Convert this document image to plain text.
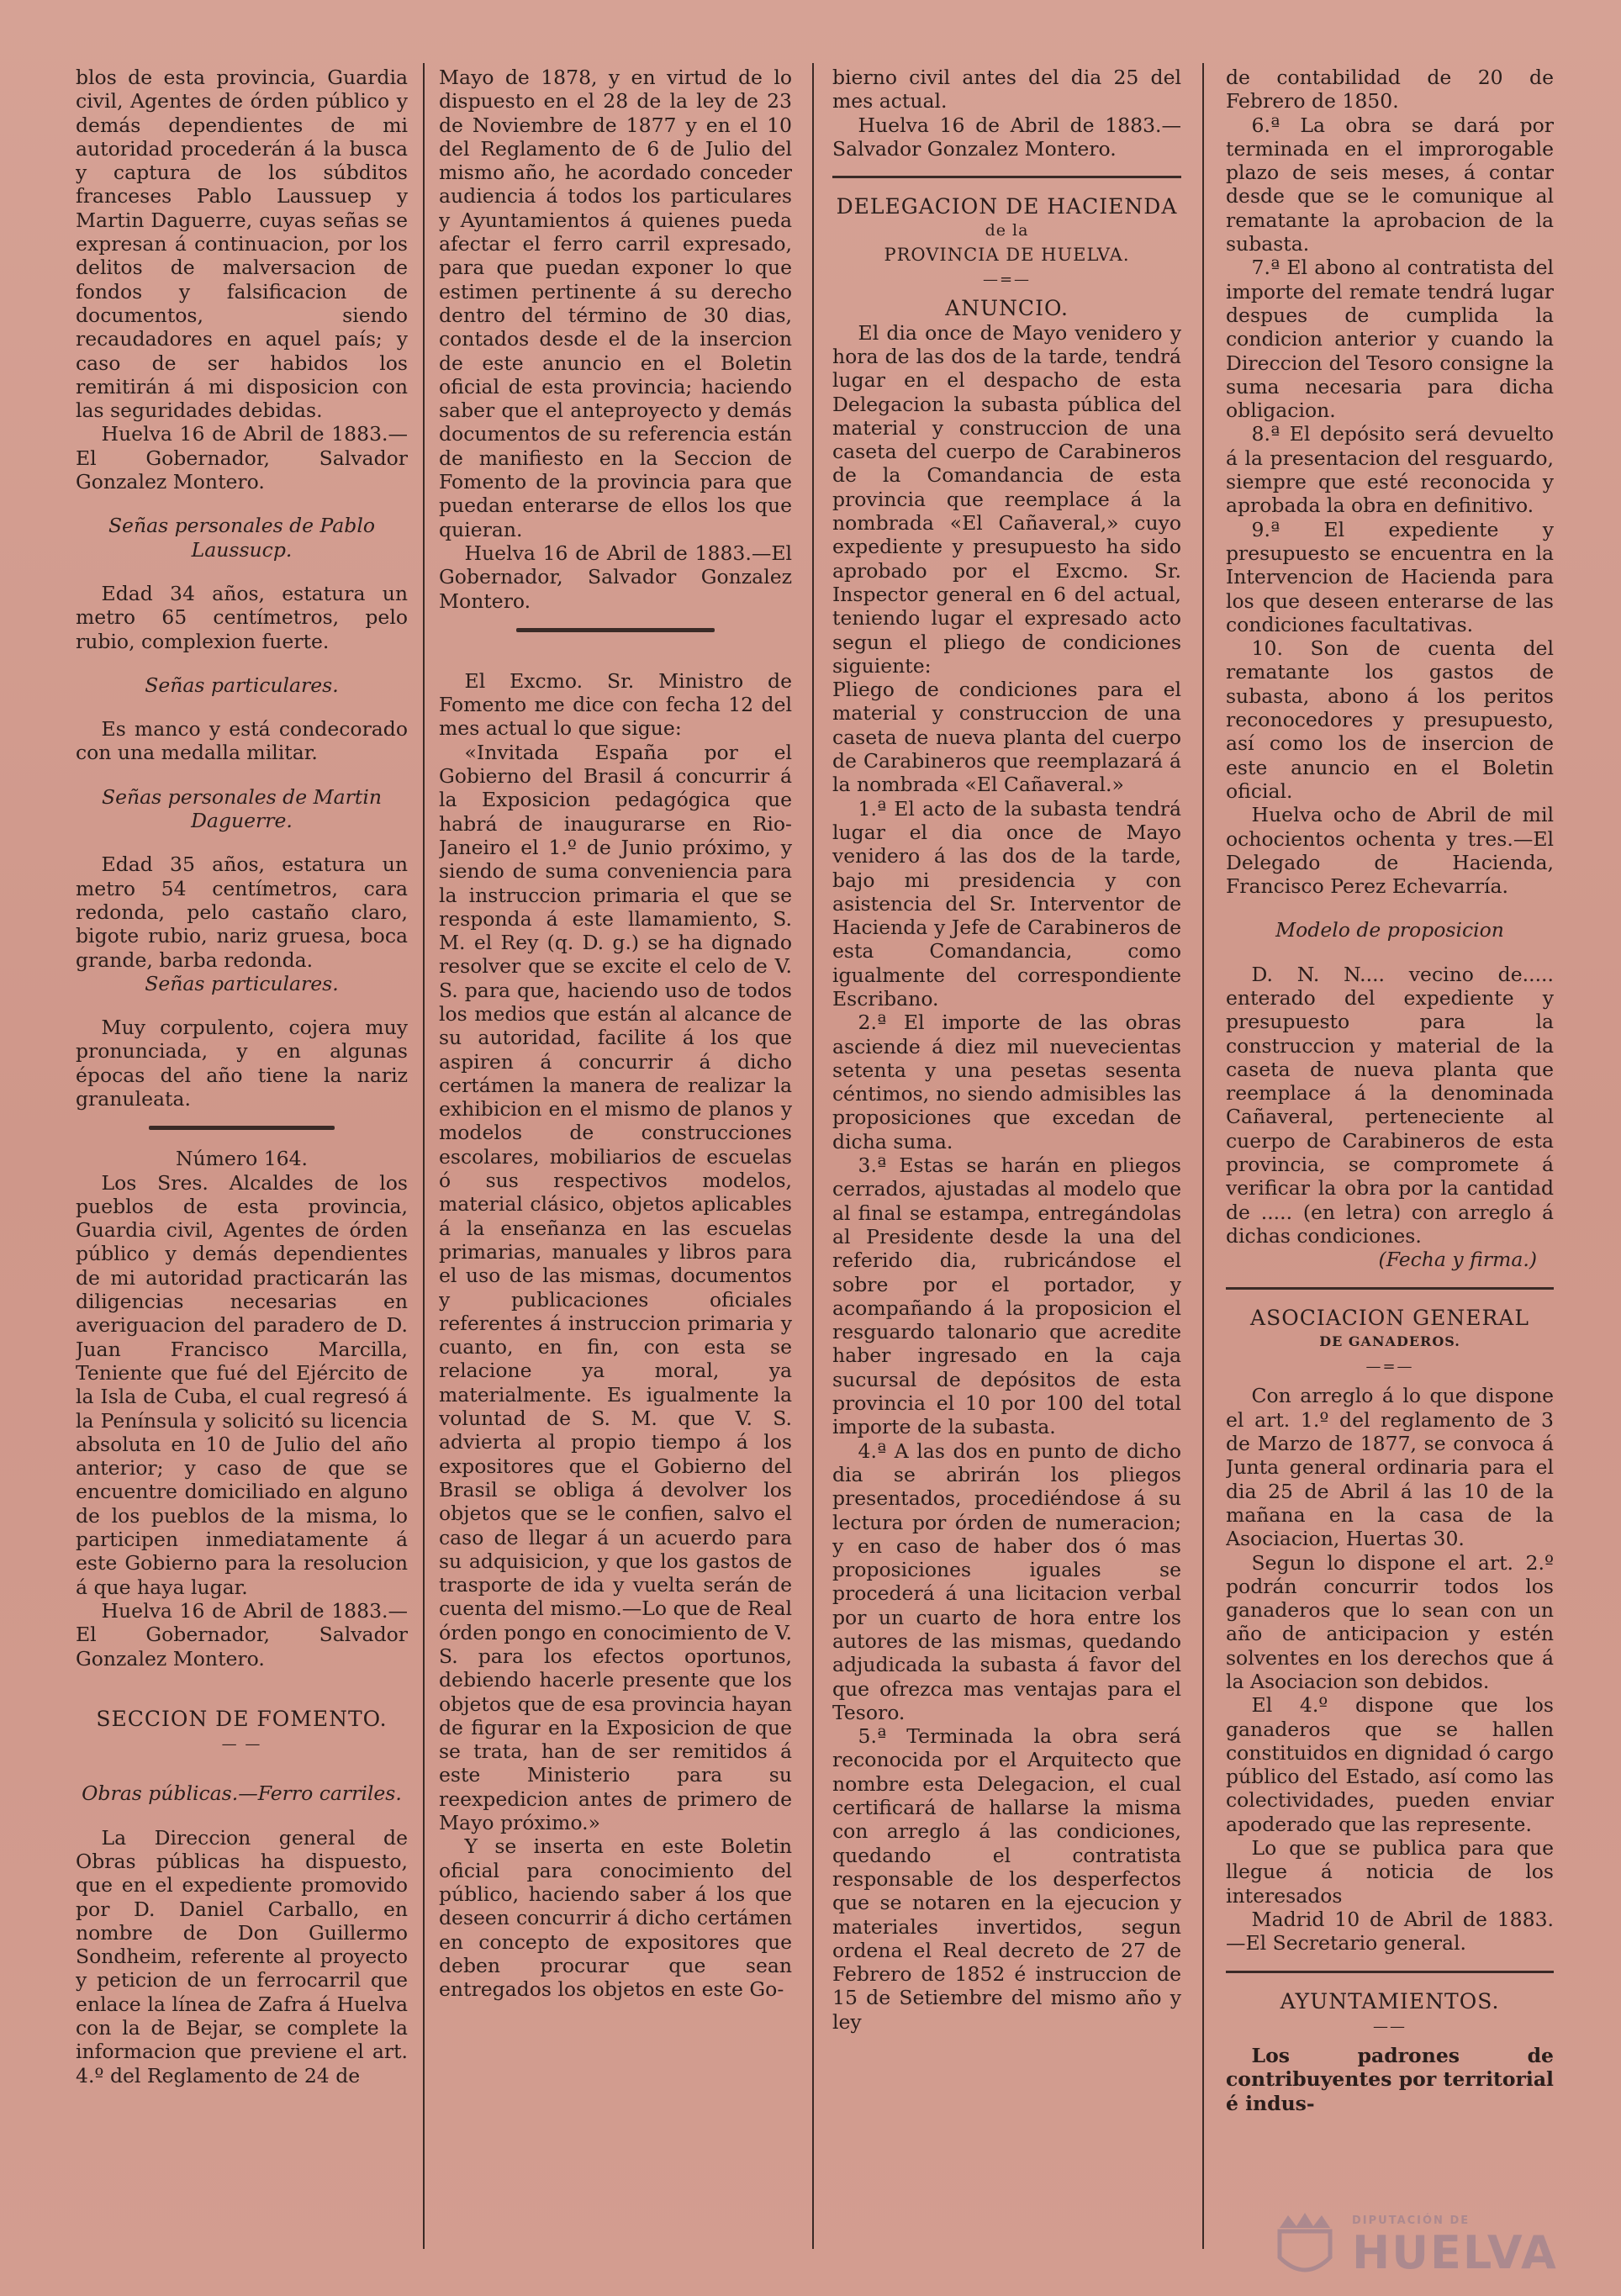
blos de esta provincia, Guardia civil, Agentes de órden público y demás dependientes de mi autoridad procederán á la busca y captura de los súbditos franceses Pablo Laussuep y Martin Daguerre, cuyas señas se expresan á continuacion, por los delitos de malversacion de fondos y falsificacion de documentos, siendo recaudadores en aquel país; y caso de ser habidos los remitirán á mi disposicion con las seguridades debidas.

Huelva 16 de Abril de 1883.—El Gobernador, Salvador Gonzalez Montero.

Señas personales de Pablo Laussucp.

Edad 34 años, estatura un metro 65 centímetros, pelo rubio, complexion fuerte.

Señas particulares.

Es manco y está condecorado con una medalla militar.

Señas personales de Martin Daguerre.

Edad 35 años, estatura un metro 54 centímetros, cara redonda, pelo castaño claro, bigote rubio, nariz gruesa, boca grande, barba redonda.

Señas particulares.

Muy corpulento, cojera muy pronunciada, y en algunas épocas del año tiene la nariz granuleata.

Número 164.

Los Sres. Alcaldes de los pueblos de esta provincia, Guardia civil, Agentes de órden público y demás dependientes de mi autoridad practicarán las diligencias necesarias en averiguacion del paradero de D. Juan Francisco Marcilla, Teniente que fué del Ejército de la Isla de Cuba, el cual regresó á la Península y solicitó su licencia absoluta en 10 de Julio del año anterior; y caso de que se encuentre domiciliado en alguno de los pueblos de la misma, lo participen inmediatamente á este Gobierno para la resolucion á que haya lugar.

Huelva 16 de Abril de 1883.—El Gobernador, Salvador Gonzalez Montero.

SECCION DE FOMENTO.

— —

Obras públicas.—Ferro carriles.

La Direccion general de Obras públicas ha dispuesto, que en el expediente promovido por D. Daniel Carballo, en nombre de Don Guillermo Sondheim, referente al proyecto y peticion de un ferrocarril que enlace la línea de Zafra á Huelva con la de Bejar, se complete la informacion que previene el art. 4.º del Reglamento de 24 de

Mayo de 1878, y en virtud de lo dispuesto en el 28 de la ley de 23 de Noviembre de 1877 y en el 10 del Reglamento de 6 de Julio del mismo año, he acordado conceder audiencia á todos los particulares y Ayuntamientos á quienes pueda afectar el ferro carril expresado, para que puedan exponer lo que estimen pertinente á su derecho dentro del término de 30 dias, contados desde el de la insercion de este anuncio en el Boletin oficial de esta provincia; haciendo saber que el anteproyecto y demás documentos de su referencia están de manifiesto en la Seccion de Fomento de la provincia para que puedan enterarse de ellos los que quieran.

Huelva 16 de Abril de 1883.—El Gobernador, Salvador Gonzalez Montero.

El Excmo. Sr. Ministro de Fomento me dice con fecha 12 del mes actual lo que sigue:

«Invitada España por el Gobierno del Brasil á concurrir á la Exposicion pedagógica que habrá de inaugurarse en Rio-Janeiro el 1.º de Junio próximo, y siendo de suma conveniencia para la instruccion primaria el que se responda á este llamamiento, S. M. el Rey (q. D. g.) se ha dignado resolver que se excite el celo de V. S. para que, haciendo uso de todos los medios que están al alcance de su autoridad, facilite á los que aspiren á concurrir á dicho certámen la manera de realizar la exhibicion en el mismo de planos y modelos de construcciones escolares, mobiliarios de escuelas ó sus respectivos modelos, material clásico, objetos aplicables á la enseñanza en las escuelas primarias, manuales y libros para el uso de las mismas, documentos y publicaciones oficiales referentes á instruccion primaria y cuanto, en fin, con esta se relacione ya moral, ya materialmente. Es igualmente la voluntad de S. M. que V. S. advierta al propio tiempo á los expositores que el Gobierno del Brasil se obliga á devolver los objetos que se le confien, salvo el caso de llegar á un acuerdo para su adquisicion, y que los gastos de trasporte de ida y vuelta serán de cuenta del mismo.—Lo que de Real órden pongo en conocimiento de V. S. para los efectos oportunos, debiendo hacerle presente que los objetos que de esa provincia hayan de figurar en la Exposicion de que se trata, han de ser remitidos á este Ministerio para su reexpedicion antes de primero de Mayo próximo.»

Y se inserta en este Boletin oficial para conocimiento del público, haciendo saber á los que deseen concurrir á dicho certámen en concepto de expositores que deben procurar que sean entregados los objetos en este Go-

bierno civil antes del dia 25 del mes actual.

Huelva 16 de Abril de 1883.—Salvador Gonzalez Montero.

DELEGACION DE HACIENDA

de la

PROVINCIA DE HUELVA.

—=—

ANUNCIO.

El dia once de Mayo venidero y hora de las dos de la tarde, tendrá lugar en el despacho de esta Delegacion la subasta pública del material y construccion de una caseta del cuerpo de Carabineros de la Comandancia de esta provincia que reemplace á la nombrada «El Cañaveral,» cuyo expediente y presupuesto ha sido aprobado por el Excmo. Sr. Inspector general en 6 del actual, teniendo lugar el expresado acto segun el pliego de condiciones siguiente:

Pliego de condiciones para el material y construccion de una caseta de nueva planta del cuerpo de Carabineros que reemplazará á la nombrada «El Cañaveral.»

1.ª El acto de la subasta tendrá lugar el dia once de Mayo venidero á las dos de la tarde, bajo mi presidencia y con asistencia del Sr. Interventor de Hacienda y Jefe de Carabineros de esta Comandancia, como igualmente del correspondiente Escribano.

2.ª El importe de las obras asciende á diez mil nuevecientas setenta y una pesetas sesenta céntimos, no siendo admisibles las proposiciones que excedan de dicha suma.

3.ª Estas se harán en pliegos cerrados, ajustadas al modelo que al final se estampa, entregándolas al Presidente desde la una del referido dia, rubricándose el sobre por el portador, y acompañando á la proposicion el resguardo talonario que acredite haber ingresado en la caja sucursal de depósitos de esta provincia el 10 por 100 del total importe de la subasta.

4.ª A las dos en punto de dicho dia se abrirán los pliegos presentados, procediéndose á su lectura por órden de numeracion; y en caso de haber dos ó mas proposiciones iguales se procederá á una licitacion verbal por un cuarto de hora entre los autores de las mismas, quedando adjudicada la subasta á favor del que ofrezca mas ventajas para el Tesoro.

5.ª Terminada la obra será reconocida por el Arquitecto que nombre esta Delegacion, el cual certificará de hallarse la misma con arreglo á las condiciones, quedando el contratista responsable de los desperfectos que se notaren en la ejecucion y materiales invertidos, segun ordena el Real decreto de 27 de Febrero de 1852 é instruccion de 15 de Setiembre del mismo año y ley

de contabilidad de 20 de Febrero de 1850.

6.ª La obra se dará por terminada en el improrogable plazo de seis meses, á contar desde que se le comunique al rematante la aprobacion de la subasta.

7.ª El abono al contratista del importe del remate tendrá lugar despues de cumplida la condicion anterior y cuando la Direccion del Tesoro consigne la suma necesaria para dicha obligacion.

8.ª El depósito será devuelto á la presentacion del resguardo, siempre que esté reconocida y aprobada la obra en definitivo.

9.ª El expediente y presupuesto se encuentra en la Intervencion de Hacienda para los que deseen enterarse de las condiciones facultativas.

10. Son de cuenta del rematante los gastos de subasta, abono á los peritos reconocedores y presupuesto, así como los de insercion de este anuncio en el Boletin oficial.

Huelva ocho de Abril de mil ochocientos ochenta y tres.—El Delegado de Hacienda, Francisco Perez Echevarría.

Modelo de proposicion

D. N. N.... vecino de..... enterado del expediente y presupuesto para la construccion y material de la caseta de nueva planta que reemplace á la denominada Cañaveral, perteneciente al cuerpo de Carabineros de esta provincia, se compromete á verificar la obra por la cantidad de ..... (en letra) con arreglo á dichas condiciones.

(Fecha y firma.)

ASOCIACION GENERAL

DE GANADEROS.

—=—

Con arreglo á lo que dispone el art. 1.º del reglamento de 3 de Marzo de 1877, se convoca á Junta general ordinaria para el dia 25 de Abril á las 10 de la mañana en la casa de la Asociacion, Huertas 30.

Segun lo dispone el art. 2.º podrán concurrir todos los ganaderos que lo sean con un año de anticipacion y estén solventes en los derechos que á la Asociacion son debidos.

El 4.º dispone que los ganaderos que se hallen constituidos en dignidad ó cargo público del Estado, así como las colectividades, pueden enviar apoderado que las represente.

Lo que se publica para que llegue á noticia de los interesados

Madrid 10 de Abril de 1883.—El Secretario general.

AYUNTAMIENTOS.

——

Los padrones de contribuyentes por territorial é indus-

DIPUTACIÓN DE
HUELVA
